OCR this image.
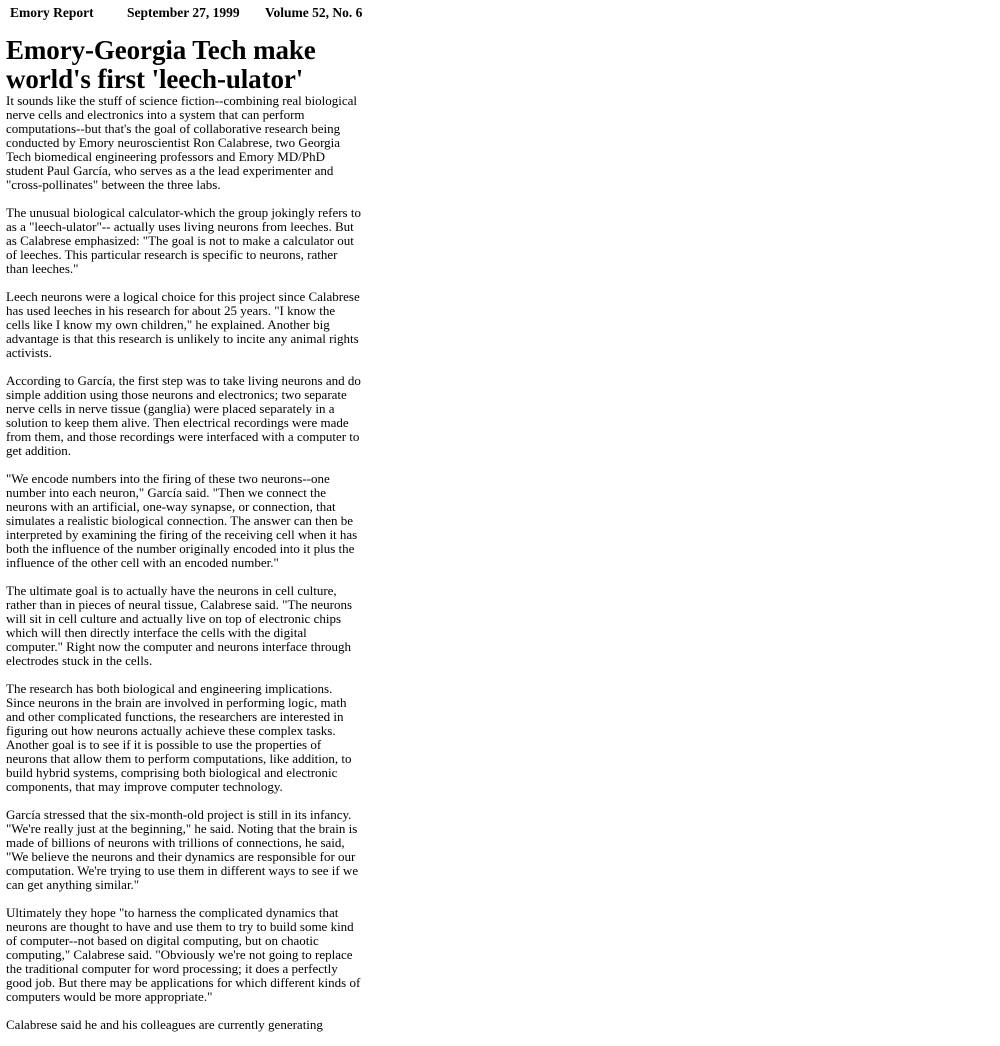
Emory Report September 27, 1999 Volume 52, No. 6
Emory-Georgia Tech make world's first 'leech-ulator'

It sounds like the stuff of science fiction--combining real biological nerve cells and electronics into a system that can perform computations--but that's the goal of collaborative research being conducted by Emory neuroscientist Ron Calabrese, two Georgia Tech biomedical engineering professors and Emory MD/PhD student Paul García, who serves as a the lead experimenter and "cross-pollinates" between the three labs.

The unusual biological calculator-which the group jokingly refers to as a "leech-ulator"-- actually uses living neurons from leeches. But as Calabrese emphasized: "The goal is not to make a calculator out of leeches. This particular research is specific to neurons, rather than leeches."

Leech neurons were a logical choice for this project since Calabrese has used leeches in his research for about 25 years. "I know the cells like I know my own children," he explained. Another big advantage is that this research is unlikely to incite any animal rights activists.

According to García, the first step was to take living neurons and do simple addition using those neurons and electronics; two separate nerve cells in nerve tissue (ganglia) were placed separately in a solution to keep them alive. Then electrical recordings were made from them, and those recordings were interfaced with a computer to get addition.

"We encode numbers into the firing of these two neurons--one number into each neuron," García said. "Then we connect the neurons with an artificial, one-way synapse, or connection, that simulates a realistic biological connection. The answer can then be interpreted by examining the firing of the receiving cell when it has both the influence of the number originally encoded into it plus the influence of the other cell with an encoded number."

The ultimate goal is to actually have the neurons in cell culture, rather than in pieces of neural tissue, Calabrese said. "The neurons will sit in cell culture and actually live on top of electronic chips which will then directly interface the cells with the digital computer." Right now the computer and neurons interface through electrodes stuck in the cells.

The research has both biological and engineering implications. Since neurons in the brain are involved in performing logic, math and other complicated functions, the researchers are interested in figuring out how neurons actually achieve these complex tasks. Another goal is to see if it is possible to use the properties of neurons that allow them to perform computations, like addition, to build hybrid systems, comprising both biological and electronic components, that may improve computer technology.

García stressed that the six-month-old project is still in its infancy. "We're really just at the beginning," he said. Noting that the brain is made of billions of neurons with trillions of connections, he said, "We believe the neurons and their dynamics are responsible for our computation. We're trying to use them in different ways to see if we can get anything similar."

Ultimately they hope "to harness the complicated dynamics that neurons are thought to have and use them to try to build some kind of computer--not based on digital computing, but on chaotic computing," Calabrese said. "Obviously we're not going to replace the traditional computer for word processing; it does a perfectly good job. But there may be applications for which different kinds of computers would be more appropriate."

Calabrese said he and his colleagues are currently generating
